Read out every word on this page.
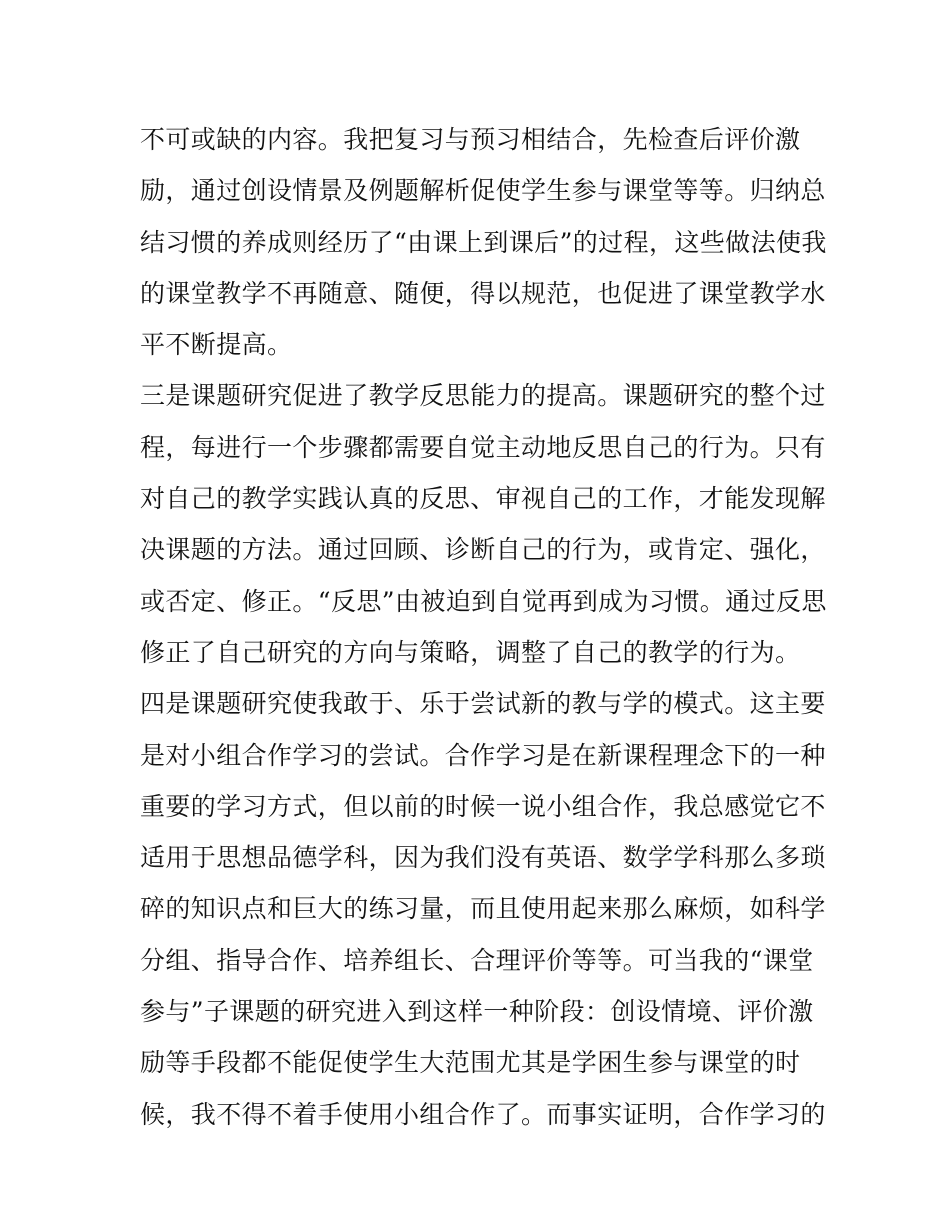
不可或缺的内容。我把复习与预习相结合，先检查后评价激
励，通过创设情景及例题解析促使学生参与课堂等等。归纳总
结习惯的养成则经历了“由课上到课后”的过程，这些做法使我
的课堂教学不再随意、随便，得以规范，也促进了课堂教学水
平不断提高。
三是课题研究促进了教学反思能力的提高。课题研究的整个过
程，每进行一个步骤都需要自觉主动地反思自己的行为。只有
对自己的教学实践认真的反思、审视自己的工作，才能发现解
决课题的方法。通过回顾、诊断自己的行为，或肯定、强化，
或否定、修正。“反思”由被迫到自觉再到成为习惯。通过反思
修正了自己研究的方向与策略，调整了自己的教学的行为。
四是课题研究使我敢于、乐于尝试新的教与学的模式。这主要
是对小组合作学习的尝试。合作学习是在新课程理念下的一种
重要的学习方式，但以前的时候一说小组合作，我总感觉它不
适用于思想品德学科，因为我们没有英语、数学学科那么多琐
碎的知识点和巨大的练习量，而且使用起来那么麻烦，如科学
分组、指导合作、培养组长、合理评价等等。可当我的“课堂
参与”子课题的研究进入到这样一种阶段：创设情境、评价激
励等手段都不能促使学生大范围尤其是学困生参与课堂的时
候，我不得不着手使用小组合作了。而事实证明，合作学习的
